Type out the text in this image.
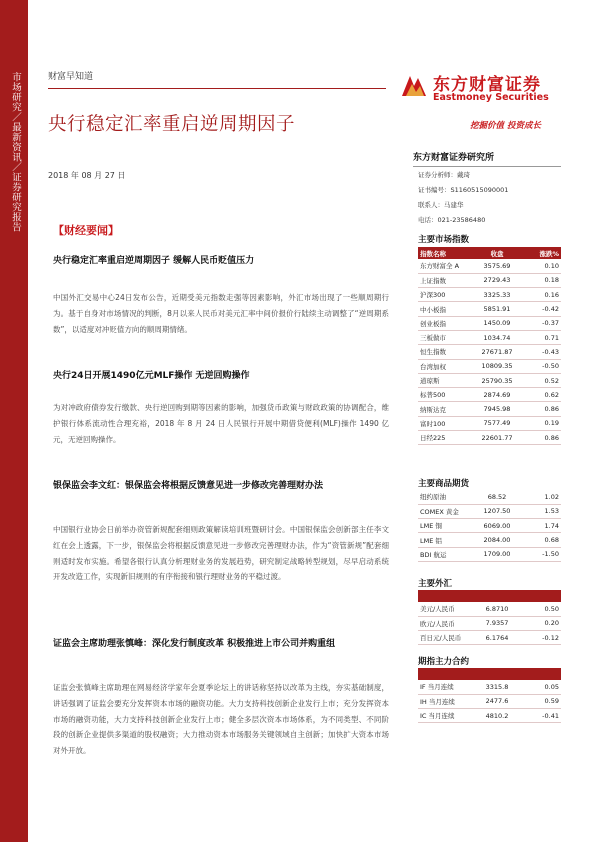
市场研究／最新资讯／证券研究报告	财富早知道
央行稳定汇率重启逆周期因子
2018 年 08 月 27 日
东方财富证券
Eastmoney Securities
挖掘价值 投资成长
东方财富证券研究所
证券分析师：戴琦
证书编号：S1160515090001
联系人：马建华
电话：021-23586480
主要市场指数
指数名称	收盘	涨跌%
东方财富全 A	3575.69	0.10
上证指数	2729.43	0.18
沪深300	3325.33	0.16
中小板指	5851.91	-0.42
创业板指	1450.09	-0.37
三板做市	1034.74	0.71
恒生指数	27671.87	-0.43
台湾加权	10809.35	-0.50
道琼斯	25790.35	0.52
标普500	2874.69	0.62
纳斯达克	7945.98	0.86
富时100	7577.49	0.19
日经225	22601.77	0.86
主要商品期货
纽约原油	68.52	1.02
COMEX 黄金	1207.50	1.53
LME 铜	6069.00	1.74
LME 铝	2084.00	0.68
BDI 航运	1709.00	-1.50
主要外汇

美元/人民币	6.8710	0.50
欧元/人民币	7.9357	0.20
百日元/人民币	6.1764	-0.12
期指主力合约

IF 当月连续	3315.8	0.05
IH 当月连续	2477.6	0.59
IC 当月连续	4810.2	-0.41
【财经要闻】
央行稳定汇率重启逆周期因子 缓解人民币贬值压力
中国外汇交易中心24日发布公告，近期受美元指数走强等因素影响，外汇市场出现了一些顺周期行为。基于自身对市场情况的判断，8月以来人民币对美元汇率中间价报价行陆续主动调整了“逆周期系数”，以适度对冲贬值方向的顺周期情绪。
央行24日开展1490亿元MLF操作 无逆回购操作
为对冲政府债券发行缴款、央行逆回购到期等因素的影响，加强货币政策与财政政策的协调配合，维护银行体系流动性合理充裕，2018 年 8 月 24 日人民银行开展中期借贷便利(MLF)操作 1490 亿元，无逆回购操作。
银保监会李文红：银保监会将根据反馈意见进一步修改完善理财办法
中国银行业协会日前举办资管新规配套细则政策解读培训班暨研讨会。中国银保监会创新部主任李文红在会上透露，下一步，银保监会将根据反馈意见进一步修改完善理财办法，作为“资管新规”配套细则适时发布实施。希望各银行认真分析理财业务的发展趋势，研究制定战略转型规划，尽早启动系统开发改造工作，实现新旧规则的有序衔接和银行理财业务的平稳过渡。
证监会主席助理张慎峰：深化发行制度改革 积极推进上市公司并购重组
证监会张慎峰主席助理在网易经济学家年会夏季论坛上的讲话称坚持以改革为主线，夯实基础制度，讲话强调了证监会要充分发挥资本市场的融资功能。大力支持科技创新企业发行上市；充分发挥资本市场的融资功能，大力支持科技创新企业发行上市；健全多层次资本市场体系，为不同类型、不同阶段的创新企业提供多渠道的股权融资；大力推动资本市场服务关键领域自主创新；加快扩大资本市场对外开放。
